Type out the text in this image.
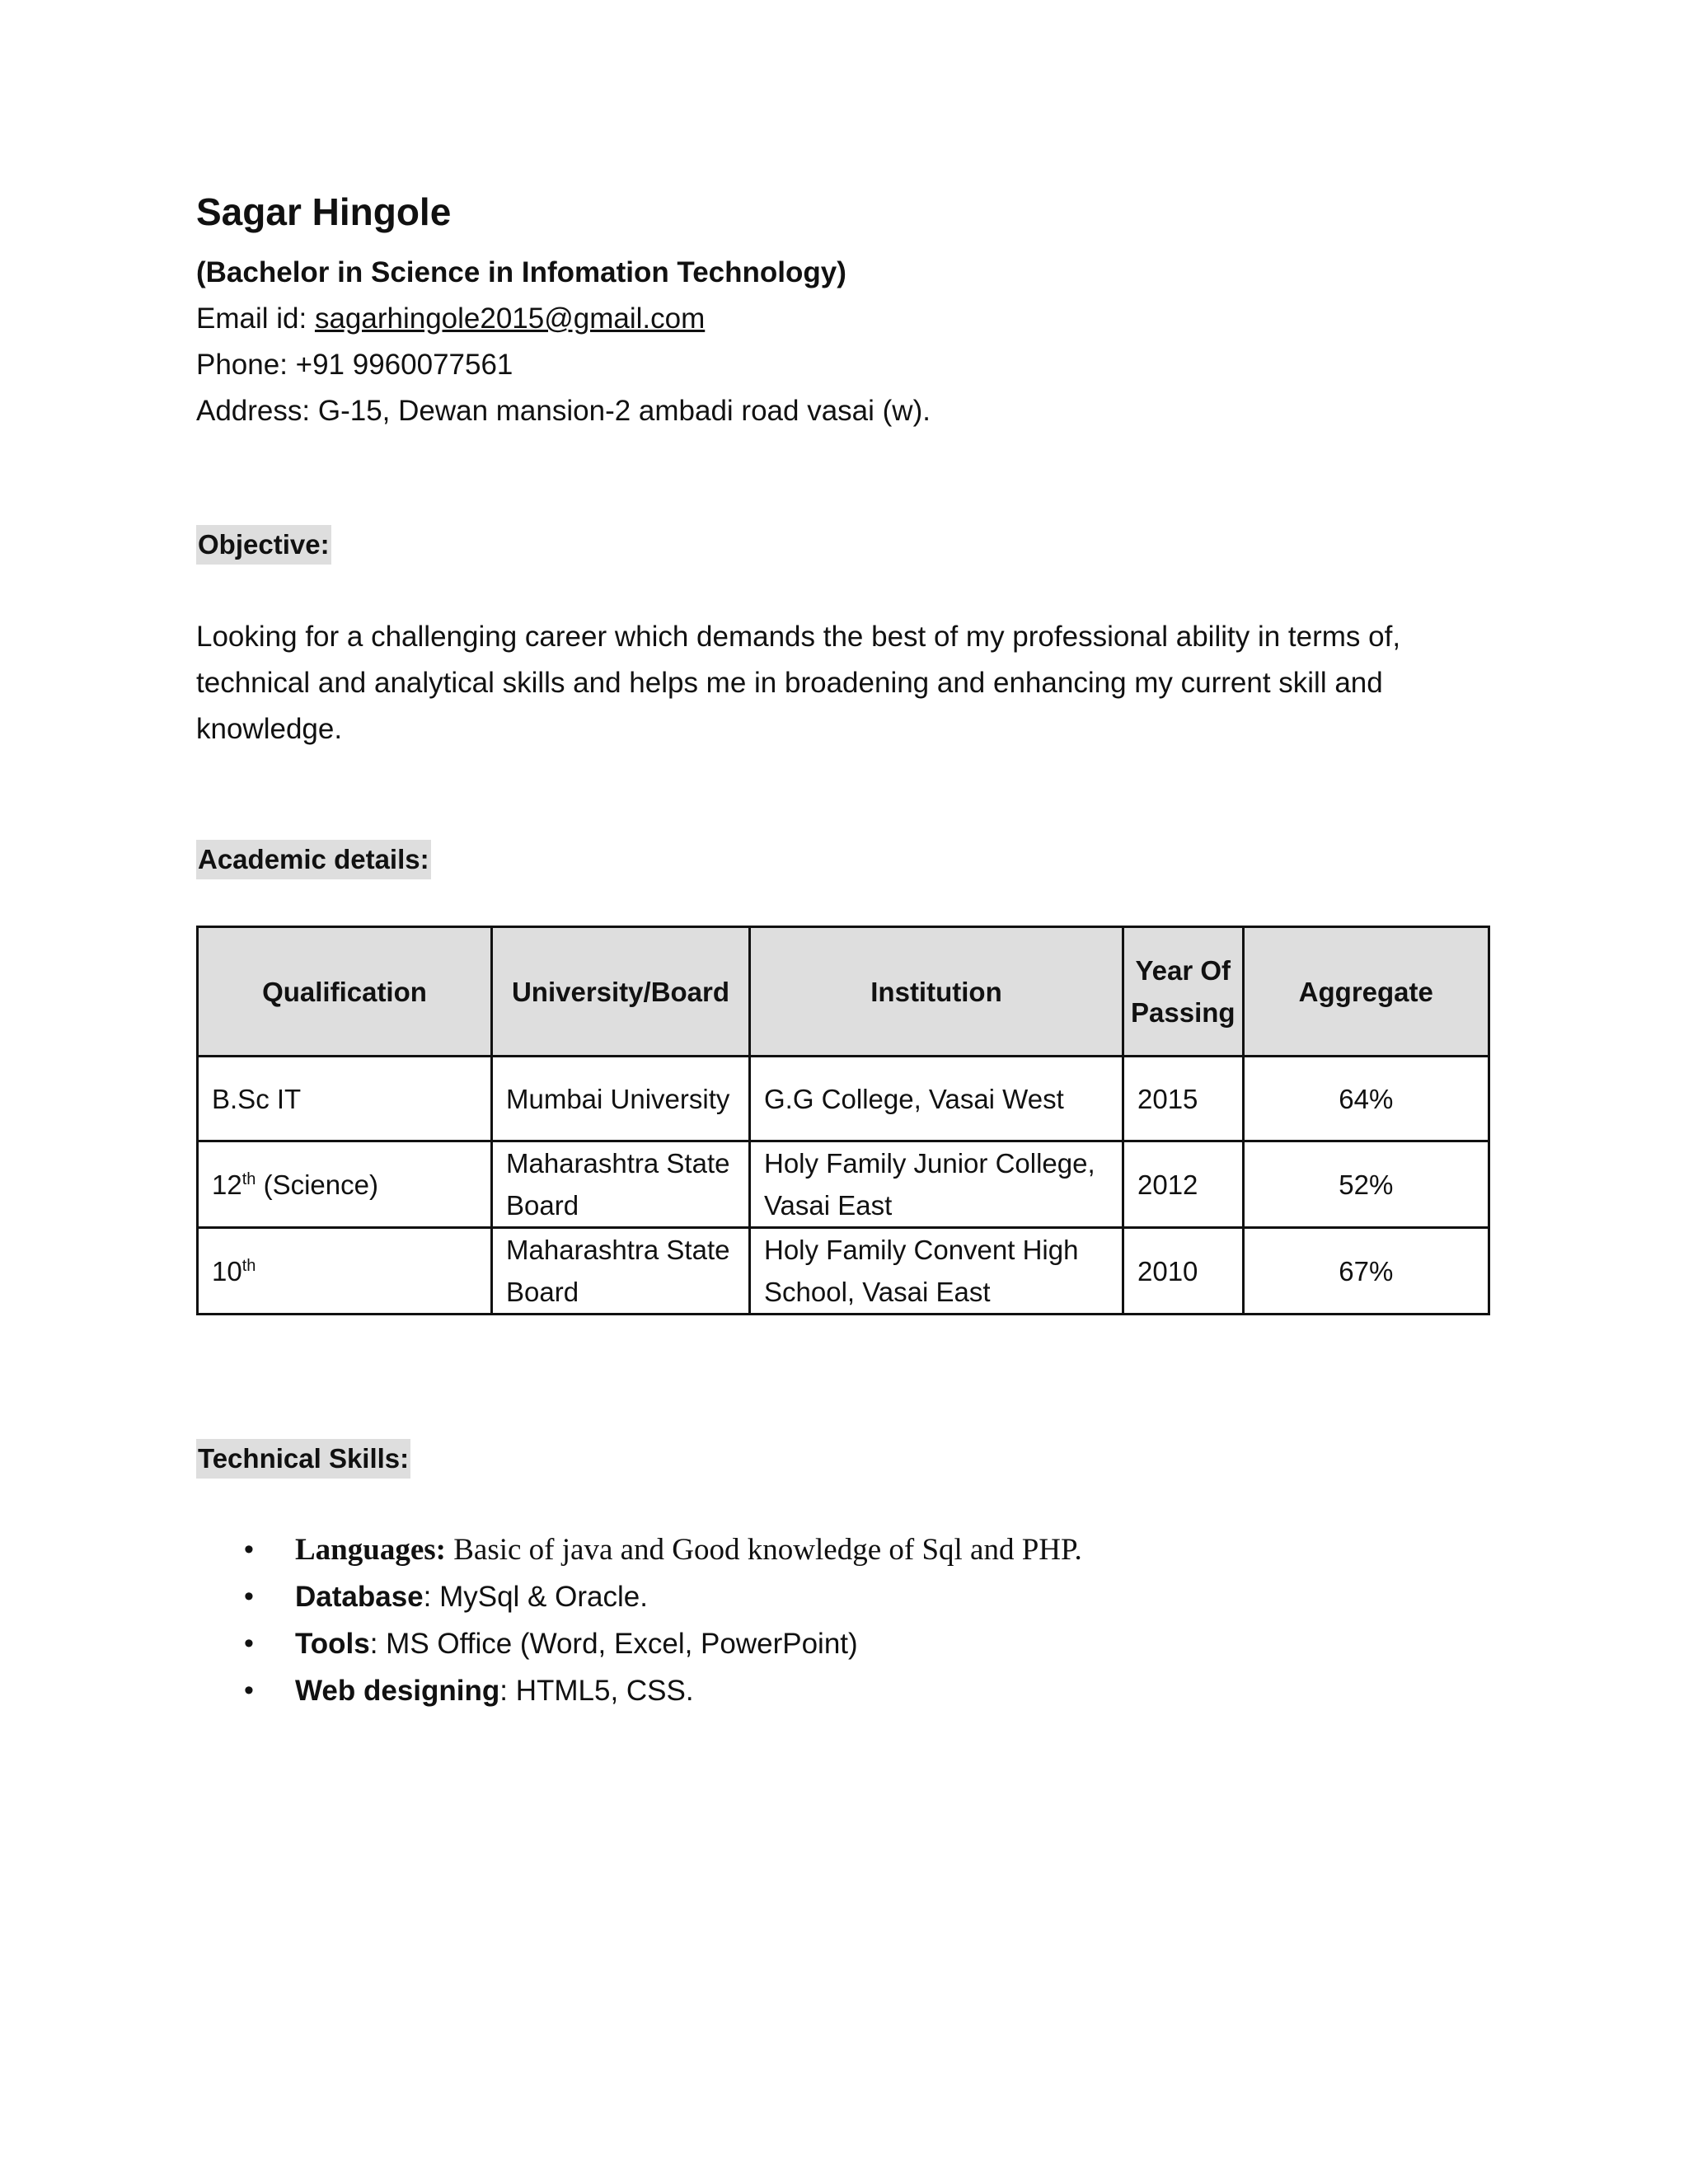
Sagar Hingole

(Bachelor in Science in Infomation Technology)

Email id: sagarhingole2015@gmail.com

Phone: +91 9960077561

Address: G-15, Dewan mansion-2 ambadi road vasai (w).

Objective:

Looking for a challenging career which demands the best of my professional ability in terms of, technical and analytical skills and helps me in broadening and enhancing my current skill and knowledge.

Academic details:
Qualification	University/Board	Institution	Year Of Passing	Aggregate
B.Sc IT	Mumbai University	G.G College, Vasai West	2015	64%
12th (Science)	Maharashtra State Board	Holy Family Junior College, Vasai East	2012	52%
10th	Maharashtra State Board	Holy Family Convent High School, Vasai East	2010	67%
Technical Skills:
• Languages: Basic of java and Good knowledge of Sql and PHP.
• Database: MySql & Oracle.
• Tools: MS Office (Word, Excel, PowerPoint)
• Web designing: HTML5, CSS.
